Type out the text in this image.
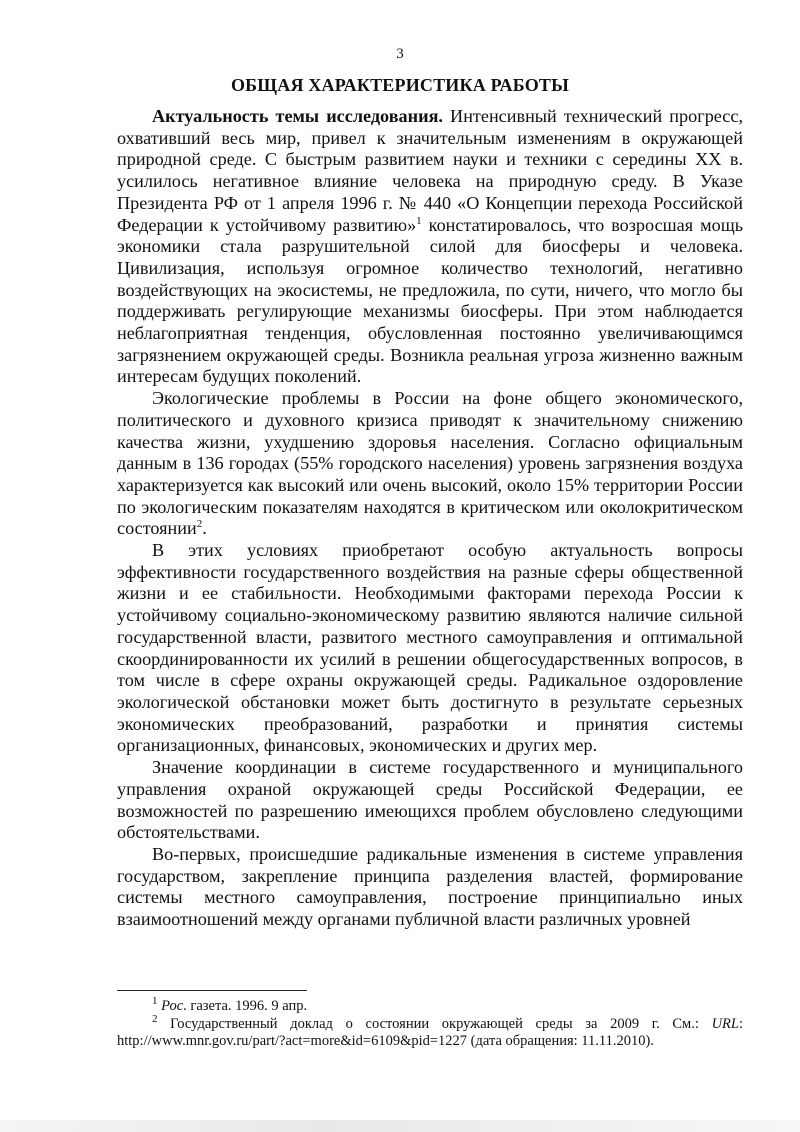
3
ОБЩАЯ ХАРАКТЕРИСТИКА РАБОТЫ

Актуальность темы исследования. Интенсивный технический прогресс, охвативший весь мир, привел к значительным изменениям в окружающей природной среде. С быстрым развитием науки и техники с середины XX в. усилилось негативное влияние человека на природную среду. В Указе Президента РФ от 1 апреля 1996 г. № 440 «О Концепции перехода Российской Федерации к устойчивому развитию»$^1$ констатировалось, что возросшая мощь экономики стала разрушительной силой для биосферы и человека. Цивилизация, используя огромное количество технологий, негативно воздействующих на экосистемы, не предложила, по сути, ничего, что могло бы поддерживать регулирующие механизмы биосферы. При этом наблюдается неблагоприятная тенденция, обусловленная постоянно увеличивающимся загрязнением окружающей среды. Возникла реальная угроза жизненно важным интересам будущих поколений.

Экологические проблемы в России на фоне общего экономического, политического и духовного кризиса приводят к значительному снижению качества жизни, ухудшению здоровья населения. Согласно официальным данным в 136 городах (55% городского населения) уровень загрязнения воздуха характеризуется как высокий или очень высокий, около 15% территории России по экологическим показателям находятся в критическом или околокритическом состоянии$^2$.

В этих условиях приобретают особую актуальность вопросы эффективности государственного воздействия на разные сферы общественной жизни и ее стабильности. Необходимыми факторами перехода России к устойчивому социально-экономическому развитию являются наличие сильной государственной власти, развитого местного самоуправления и оптимальной скоординированности их усилий в решении общегосударственных вопросов, в том числе в сфере охраны окружающей среды. Радикальное оздоровление экологической обстановки может быть достигнуто в результате серьезных экономических преобразований, разработки и принятия системы организационных, финансовых, экономических и других мер.

Значение координации в системе государственного и муниципального управления охраной окружающей среды Российской Федерации, ее возможностей по разрешению имеющихся проблем обусловлено следующими обстоятельствами.

Во-первых, происшедшие радикальные изменения в системе управления государством, закрепление принципа разделения властей, формирование системы местного самоуправления, построение принципиально иных взаимоотношений между органами публичной власти различных уровней

$^1$ Рос. газета. 1996. 9 апр.

$^2$ Государственный доклад о состоянии окружающей среды за 2009 г. См.: URL: http://www.mnr.gov.ru/part/?act=more&id=6109&pid=1227 (дата обращения: 11.11.2010).
